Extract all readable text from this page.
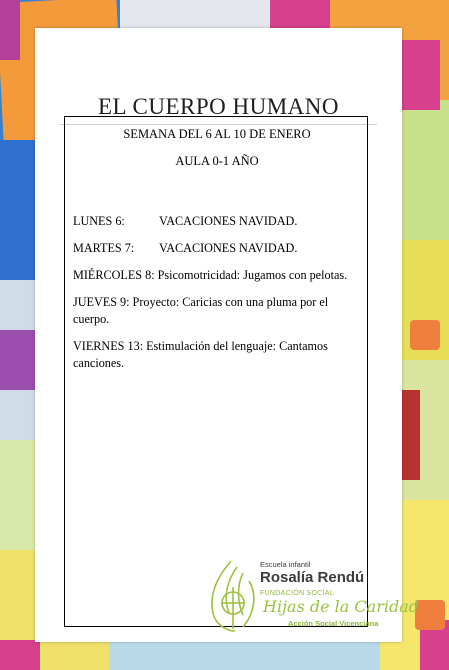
EL CUERPO HUMANO
SEMANA DEL 6 AL 10 DE ENERO
AULA 0-1 AÑO
LUNES 6:	VACACIONES NAVIDAD.
MARTES 7: VACACIONES NAVIDAD.
MIÉRCOLES 8: Psicomotricidad: Jugamos con pelotas.
JUEVES 9: Proyecto: Caricias con una pluma por el cuerpo.
VIERNES 13: Estimulación del lenguaje: Cantamos canciones.
Escuela infantil
Rosalía Rendú
FUNDACIÓN SOCIAL
Hijas de la Caridad
Acción Social Vicenciana
